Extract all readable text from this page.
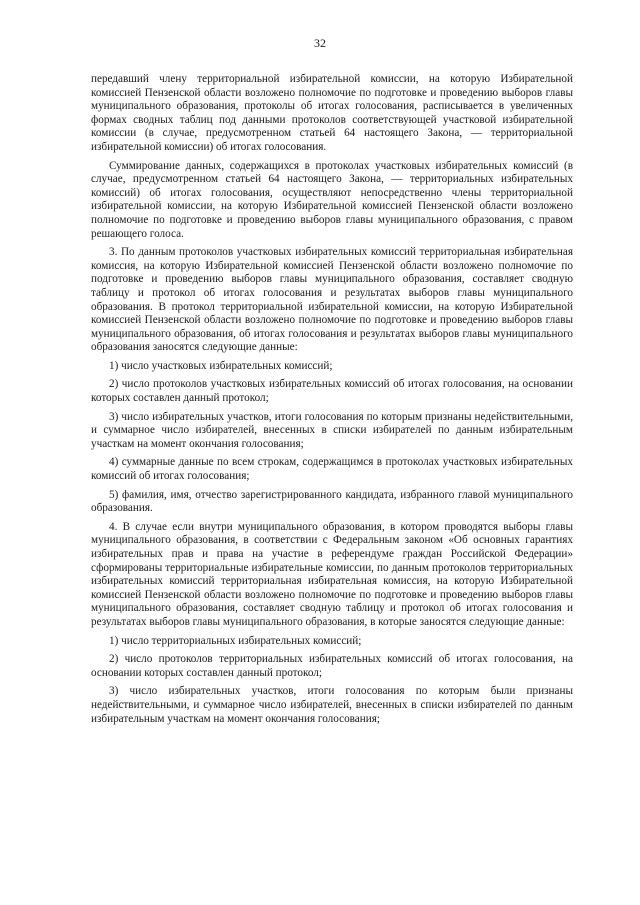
32

передавший члену территориальной избирательной комиссии, на которую Избирательной комиссией Пензенской области возложено полномочие по подготовке и проведению выборов главы муниципального образования, протоколы об итогах голосования, расписывается в увеличенных формах сводных таблиц под данными протоколов соответствующей участковой избирательной комиссии (в случае, предусмотренном статьей 64 настоящего Закона, — территориальной избирательной комиссии) об итогах голосования.

Суммирование данных, содержащихся в протоколах участковых избирательных комиссий (в случае, предусмотренном статьей 64 настоящего Закона, — территориальных избирательных комиссий) об итогах голосования, осуществляют непосредственно члены территориальной избирательной комиссии, на которую Избирательной комиссией Пензенской области возложено полномочие по подготовке и проведению выборов главы муниципального образования, с правом решающего голоса.

3. По данным протоколов участковых избирательных комиссий территориальная избирательная комиссия, на которую Избирательной комиссией Пензенской области возложено полномочие по подготовке и проведению выборов главы муниципального образования, составляет сводную таблицу и протокол об итогах голосования и результатах выборов главы муниципального образования. В протокол территориальной избирательной комиссии, на которую Избирательной комиссией Пензенской области возложено полномочие по подготовке и проведению выборов главы муниципального образования, об итогах голосования и результатах выборов главы муниципального образования заносятся следующие данные:

1) число участковых избирательных комиссий;

2) число протоколов участковых избирательных комиссий об итогах голосования, на основании которых составлен данный протокол;

3) число избирательных участков, итоги голосования по которым признаны недействительными, и суммарное число избирателей, внесенных в списки избирателей по данным избирательным участкам на момент окончания голосования;

4) суммарные данные по всем строкам, содержащимся в протоколах участковых избирательных комиссий об итогах голосования;

5) фамилия, имя, отчество зарегистрированного кандидата, избранного главой муниципального образования.

4. В случае если внутри муниципального образования, в котором проводятся выборы главы муниципального образования, в соответствии с Федеральным законом «Об основных гарантиях избирательных прав и права на участие в референдуме граждан Российской Федерации» сформированы территориальные избирательные комиссии, по данным протоколов территориальных избирательных комиссий территориальная избирательная комиссия, на которую Избирательной комиссией Пензенской области возложено полномочие по подготовке и проведению выборов главы муниципального образования, составляет сводную таблицу и протокол об итогах голосования и результатах выборов главы муниципального образования, в которые заносятся следующие данные:

1) число территориальных избирательных комиссий;

2) число протоколов территориальных избирательных комиссий об итогах голосования, на основании которых составлен данный протокол;

3) число избирательных участков, итоги голосования по которым были признаны недействительными, и суммарное число избирателей, внесенных в списки избирателей по данным избирательным участкам на момент окончания голосования;
